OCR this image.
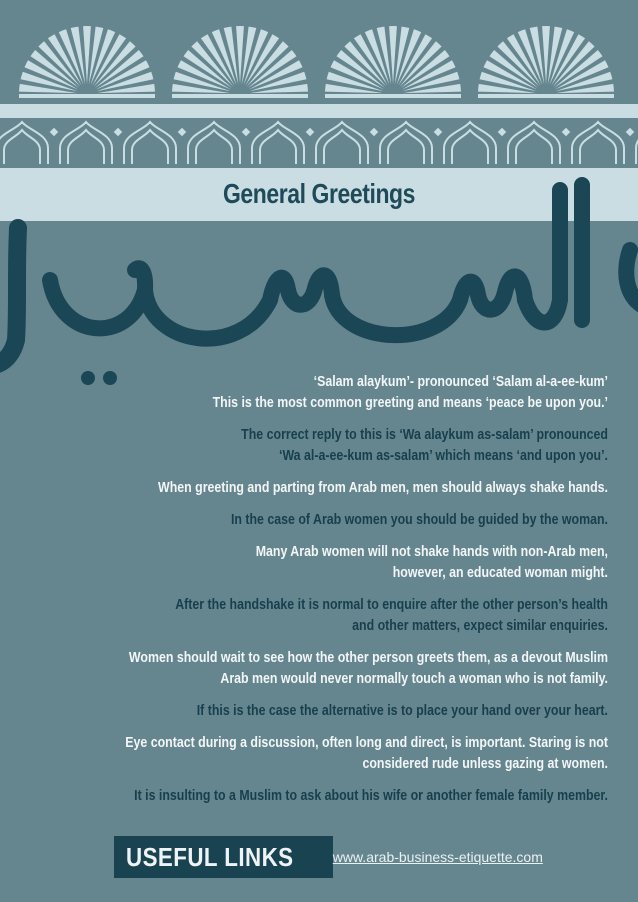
General Greetings
‘Salam alaykum’- pronounced ‘Salam al-a-ee-kum’
This is the most common greeting and means ‘peace be upon you.’
The correct reply to this is ‘Wa alaykum as-salam’ pronounced
‘Wa al-a-ee-kum as-salam’ which means ‘and upon you’.
When greeting and parting from Arab men, men should always shake hands.
In the case of Arab women you should be guided by the woman.
Many Arab women will not shake hands with non-Arab men,
however, an educated woman might.
After the handshake it is normal to enquire after the other person’s health
and other matters, expect similar enquiries.
Women should wait to see how the other person greets them, as a devout Muslim
Arab men would never normally touch a woman who is not family.
If this is the case the alternative is to place your hand over your heart.
Eye contact during a discussion, often long and direct, is important. Staring is not
considered rude unless gazing at women.
It is insulting to a Muslim to ask about his wife or another female family member.
USEFUL LINKS	www.arab-business-etiquette.com
